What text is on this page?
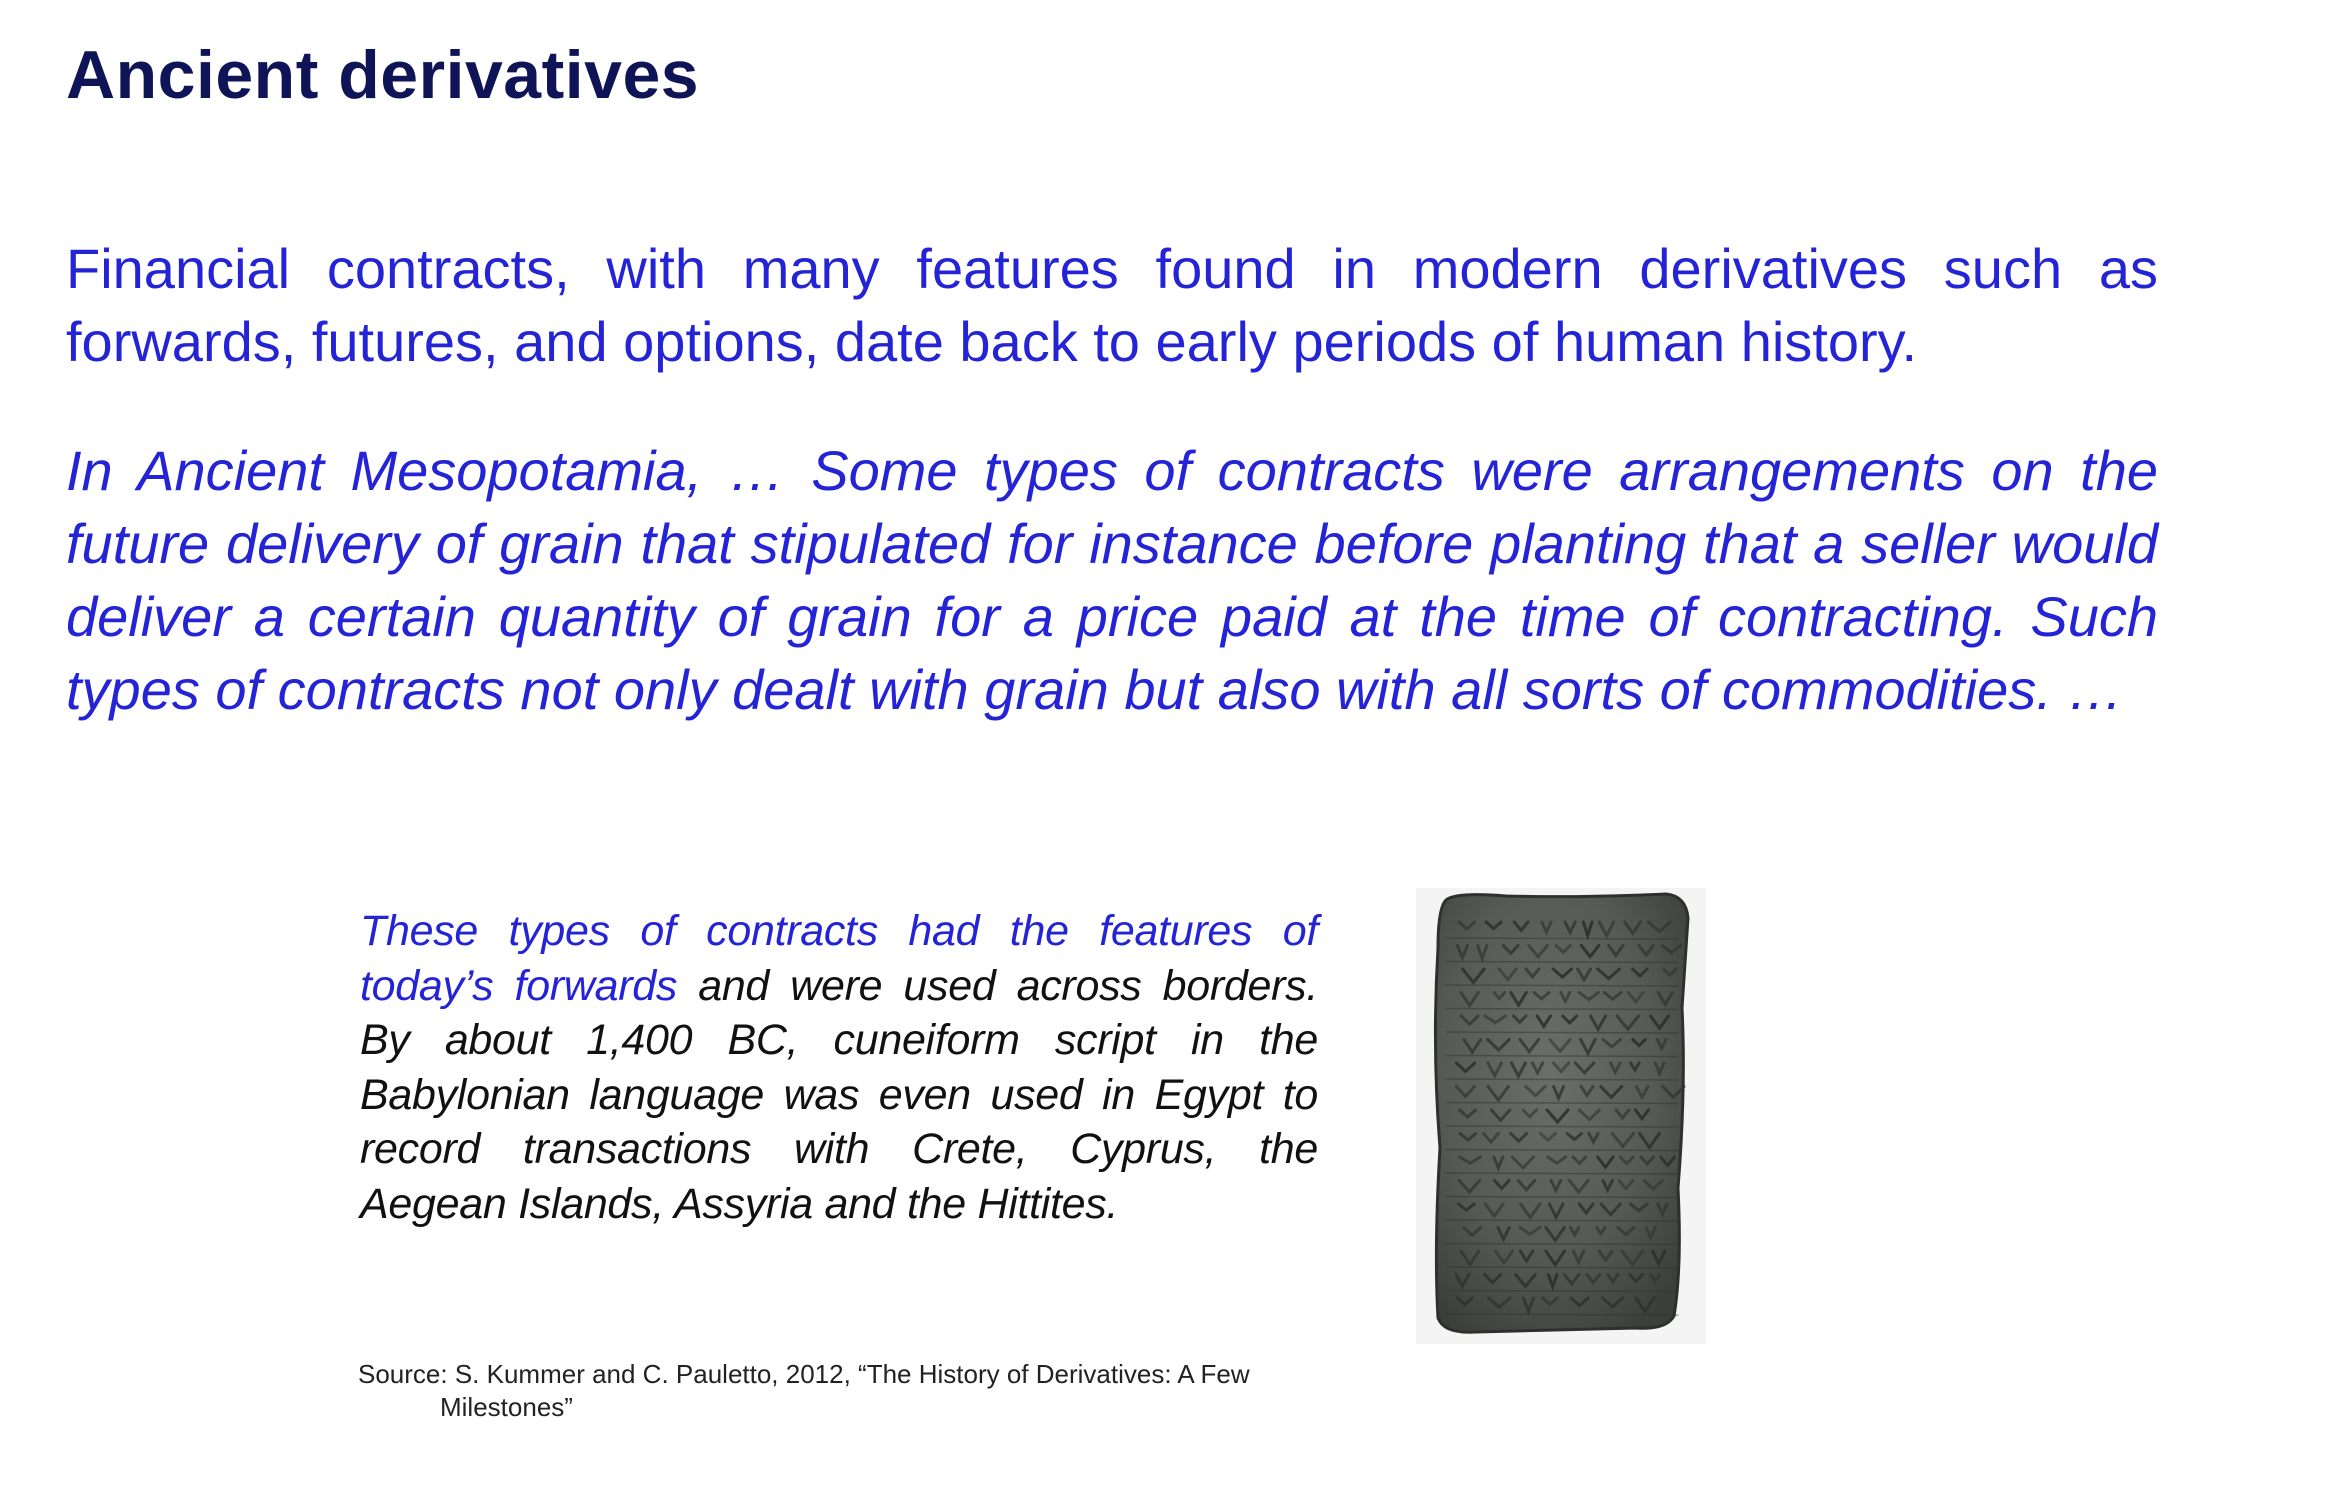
Ancient derivatives

Financial contracts, with many features found in modern derivatives such as forwards, futures, and options, date back to early periods of human history.

In Ancient Mesopotamia, … Some types of contracts were arrangements on the future delivery of grain that stipulated for instance before planting that a seller would deliver a certain quantity of grain for a price paid at the time of contracting. Such types of contracts not only dealt with grain but also with all sorts of commodities. …

These types of contracts had the features of today’s forwards and were used across borders. By about 1,400 BC, cuneiform script in the Babylonian language was even used in Egypt to record transactions with Crete, Cyprus, the Aegean Islands, Assyria and the Hittites.

Source: S. Kummer and C. Pauletto, 2012, “The History of Derivatives: A Few
Milestones”
